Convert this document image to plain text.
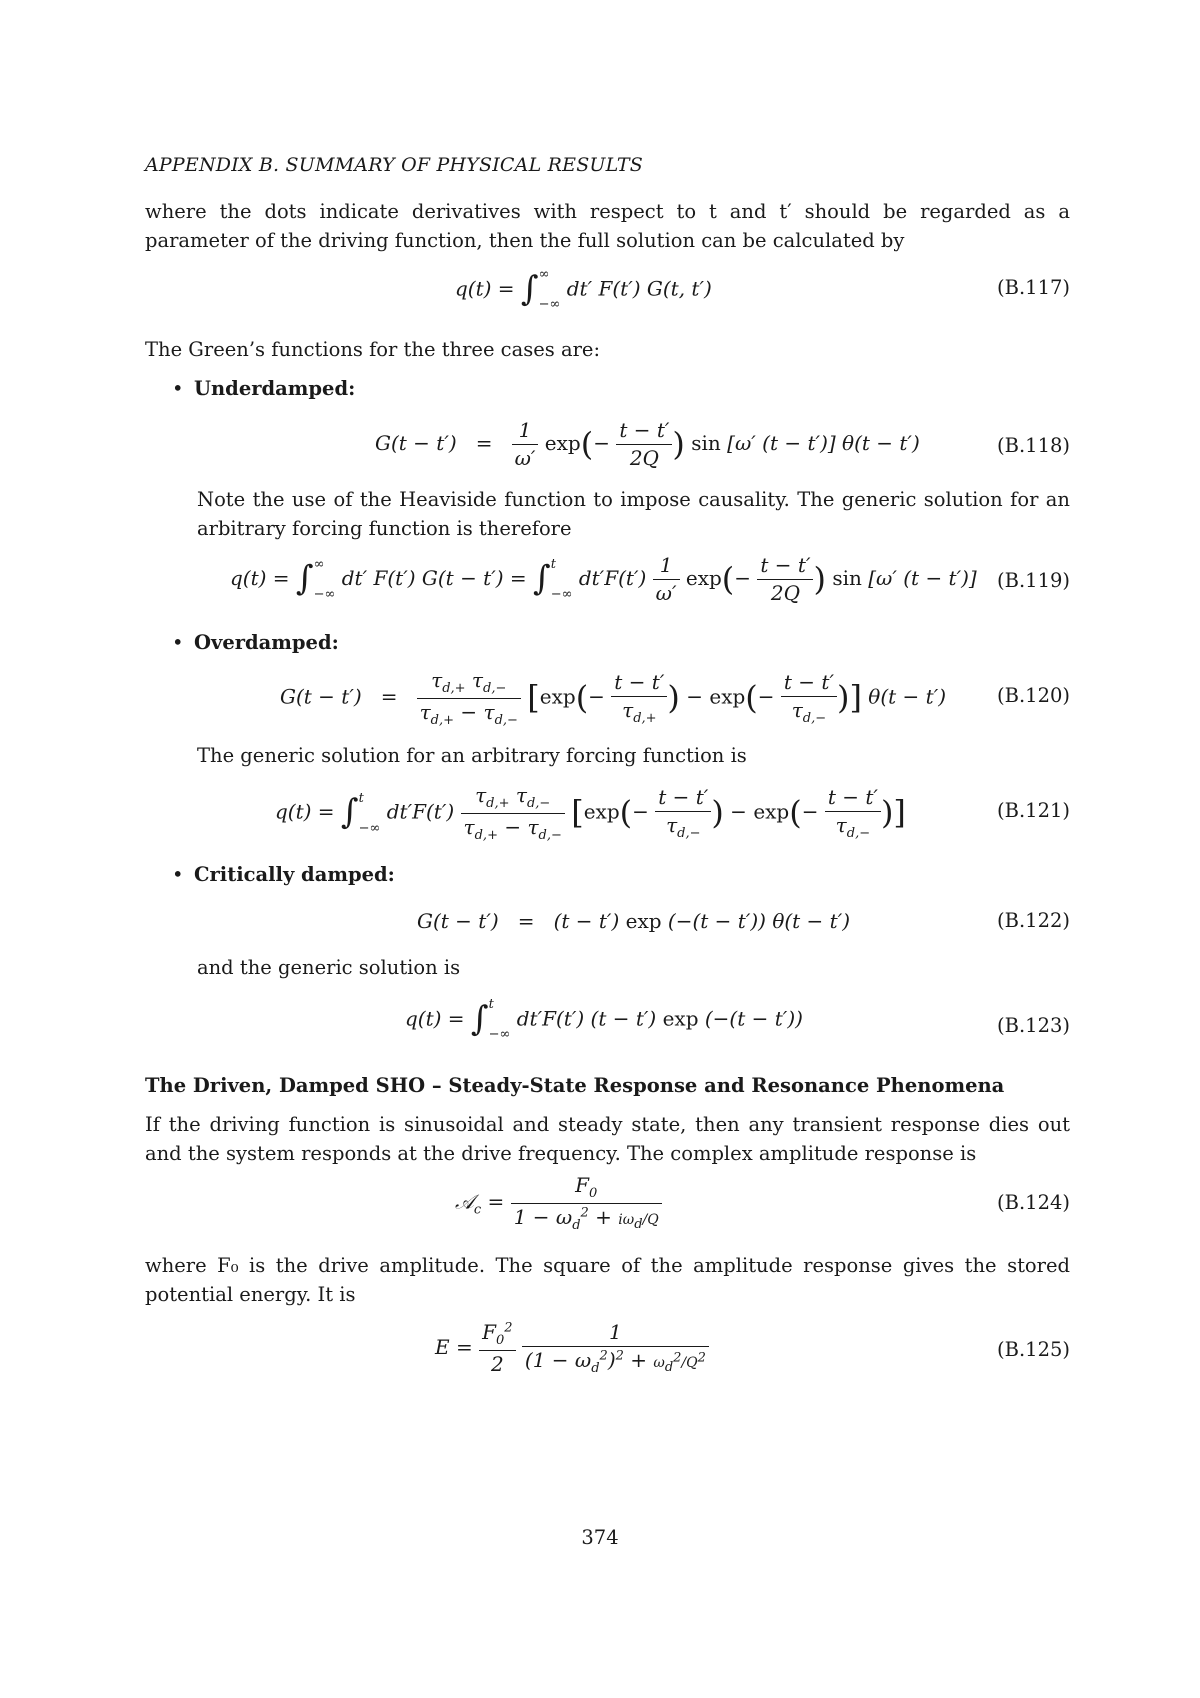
APPENDIX B. SUMMARY OF PHYSICAL RESULTS
where the dots indicate derivatives with respect to t and t′ should be regarded as a parameter of the driving function, then the full solution can be calculated by
q(t) = ∫∞

−∞ dt′ F(t′) G(t, t′)	(B.117)
The Green’s functions for the three cases are:
• Underdamped:
$G(t - t') = \frac{1}{\omega'} \exp(- \frac{t - t'}{2Q}$ ) sin [ω′ (t − t′)] θ(t − t′)	(B.118)
Note the use of the Heaviside function to impose causality. The generic solution for an arbitrary forcing function is therefore
q(t) = ∫∞

−∞ dt′ F(t′) G(t − t′) = ∫t

−∞ $dt'F(t') \frac{1}{\omega'} \exp(- \frac{t - t'}{2Q}$ ) sin [ω′ (t − t′)] (B.119)
• Overdamped:
$G(t - t') = \frac{\tau_{d,+} \tau_{d,-}}{\tau_{d,+} - \tau_{d,-}} [\exp(- \frac{t - t'}{\tau_{d,+}}$ ) − $\exp(- \frac{t - t'}{\tau_{d,-}}$ )] θ(t − t′)	(B.120)
The generic solution for an arbitrary forcing function is
q(t) = ∫t

−∞ $dt'F(t') \frac{\tau_{d,+} \tau_{d,-}}{\tau_{d,+} - \tau_{d,-}} [\exp(- \frac{t - t'}{\tau_{d,-}}$ ) − $\exp(- \frac{t - t'}{\tau_{d,-}}$ )]	(B.121)
• Critically damped:
G(t − t′)   =   (t − t′) exp (−(t − t′)) θ(t − t′)	(B.122)
and the generic solution is
q(t) = ∫t

−∞ dt′F(t′) (t − t′) exp (−(t − t′))	(B.123)
The Driven, Damped SHO – Steady-State Response and Resonance Phenomena
If the driving function is sinusoidal and steady state, then any transient response dies out and the system responds at the drive frequency. The complex amplitude response is
𝒜$_c$ = $\frac{F_0}{1 - \omega_d^2 + i\omega_d/Q}$	(B.124)
where F₀ is the drive amplitude. The square of the amplitude response gives the stored potential energy. It is
$E = \frac{F_0^2}{2}$
$\frac{1}{(1 - \omega_d^2)^2 + \omega_d^2/Q^2}$	(B.125)
374
